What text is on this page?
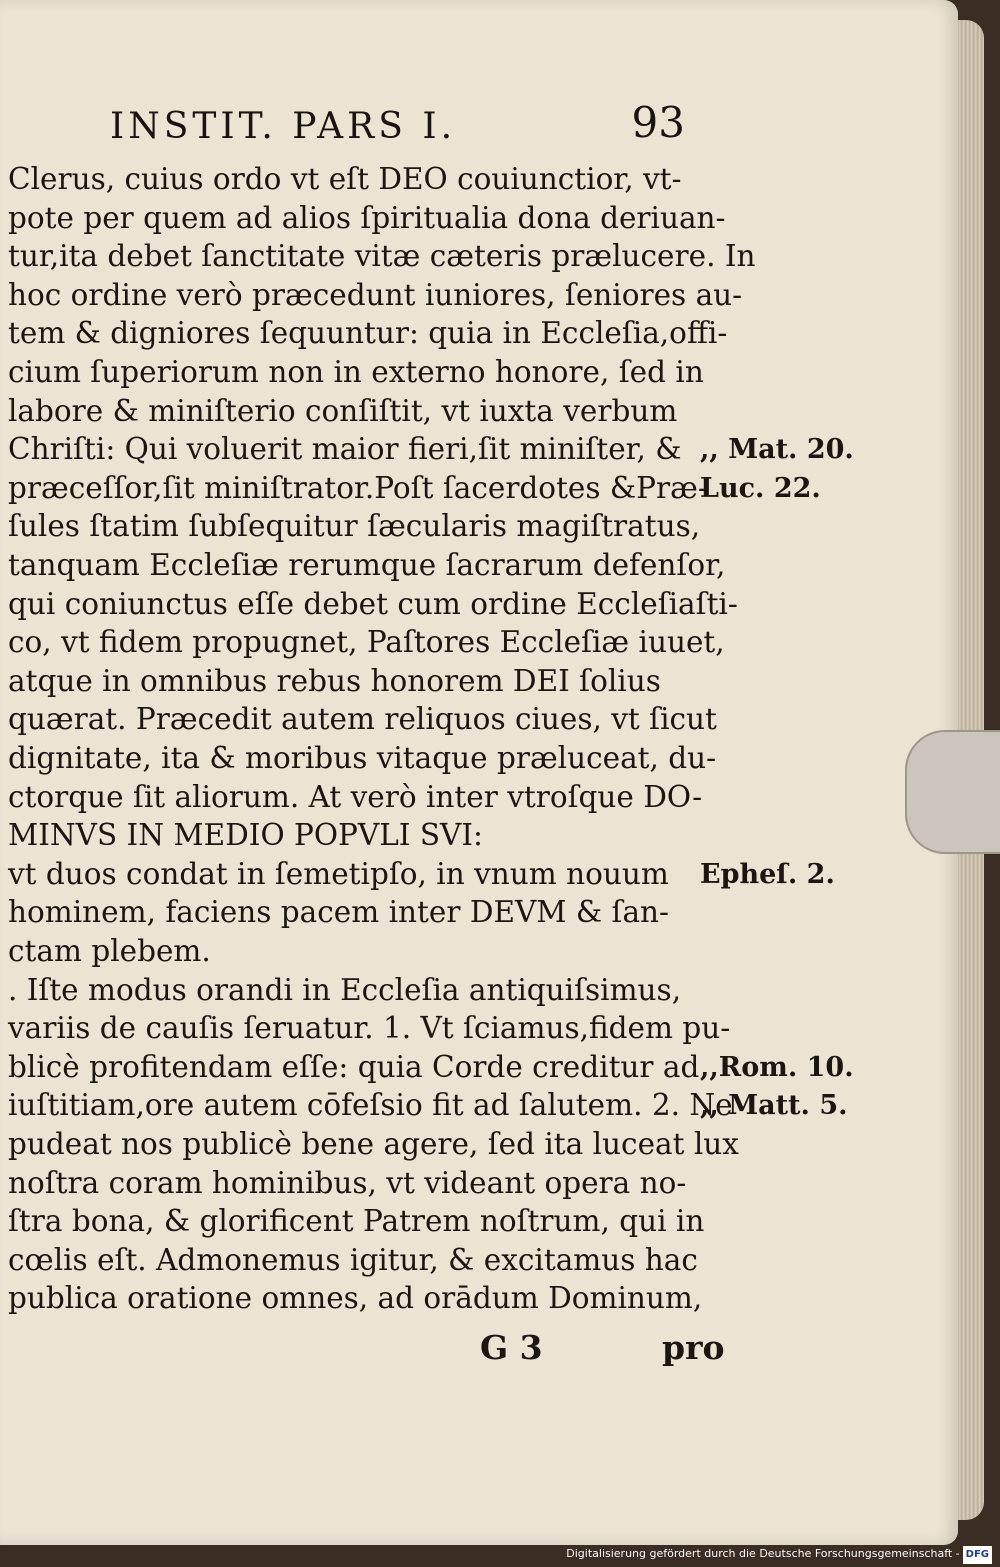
INSTIT. PARS I.	93
Clerus, cuius ordo vt eſt DEO couiunctior, vt-
pote per quem ad alios ſpiritualia dona deriuan-
tur,ita debet ſanctitate vitæ cæteris prælucere. In
hoc ordine verò præcedunt iuniores, ſeniores au-
tem & digniores ſequuntur: quia in Eccleſia,offi-
cium ſuperiorum non in externo honore, ſed in
labore & miniſterio conſiſtit, vt iuxta verbum
Chriſti: Qui voluerit maior fieri,ſit miniſter, &
præceſſor,ſit miniſtrator.Poſt ſacerdotes &Præ-
ſules ſtatim ſubſequitur ſæcularis magiſtratus,
tanquam Eccleſiæ rerumque ſacrarum defenſor,
qui coniunctus eſſe debet cum ordine Eccleſiaſti-
co, vt fidem propugnet, Paſtores Eccleſiæ iuuet,
atque in omnibus rebus honorem DEI ſolius
quærat. Præcedit autem reliquos ciues, vt ſicut
dignitate, ita & moribus vitaque præluceat, du-
ctorque ſit aliorum. At verò inter vtroſque DO-
MINVS IN MEDIO POPVLI SVI:
vt duos condat in ſemetipſo, in vnum nouum
hominem, faciens pacem inter DEVM & ſan-
ctam plebem.
. Iſte modus orandi in Eccleſia antiquiſsimus,
variis de cauſis ſeruatur. 1. Vt ſciamus,fidem pu-
blicè profitendam eſſe: quia Corde creditur ad
iuſtitiam,ore autem cōfeſsio fit ad ſalutem. 2. Ne
pudeat nos publicè bene agere, ſed ita luceat lux
noſtra coram hominibus, vt videant opera no-
ſtra bona, & glorificent Patrem noſtrum, qui in
cœlis eſt. Admonemus igitur, & excitamus hac
publica oratione omnes, ad orādum Dominum,
,, Mat. 20.
Luc. 22.
Epheſ. 2.
,,Rom. 10.
,, Matt. 5.
G 3	pro
Digitalisierung gefördert durch die Deutsche Forschungsgemeinschaft - DFG
